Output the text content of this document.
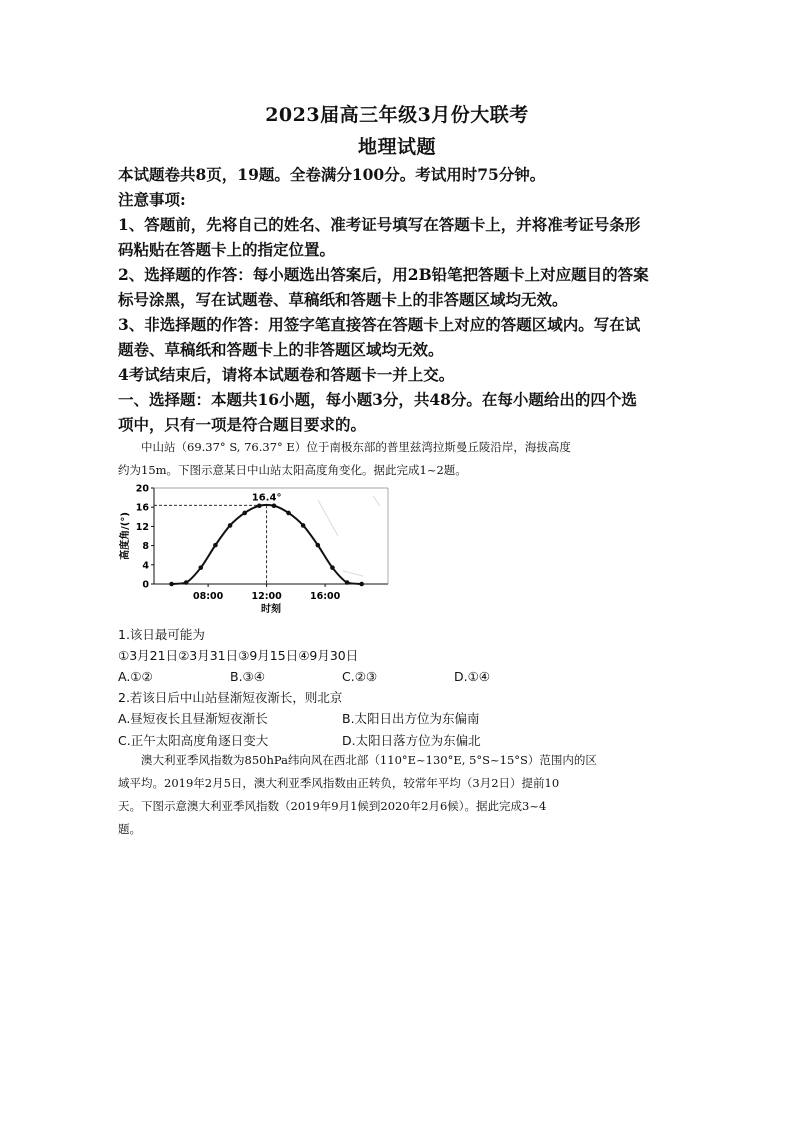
2023届高三年级3月份大联考
地理试题
本试题卷共8页，19题。全卷满分100分。考试用时75分钟。
注意事项:
1、答题前，先将自己的姓名、准考证号填写在答题卡上，并将准考证号条形
码粘贴在答题卡上的指定位置。
2、选择题的作答：每小题选出答案后，用2B铅笔把答题卡上对应题目的答案
标号涂黑，写在试题卷、草稿纸和答题卡上的非答题区域均无效。
3、非选择题的作答：用签字笔直接答在答题卡上对应的答题区域内。写在试
题卷、草稿纸和答题卡上的非答题区域均无效。
4考试结束后，请将本试题卷和答题卡一并上交。
一、选择题：本题共16小题，每小题3分，共48分。在每小题给出的四个选
项中，只有一项是符合题目要求的。
　　中山站（69.37° S, 76.37° E）位于南极东部的普里兹湾拉斯曼丘陵沿岸，海拔高度
约为15m。下图示意某日中山站太阳高度角变化。据此完成1~2题。
0
4
8
12
16
20
08:00	12:00	16:00
16.4°
高度角/(°)
时刻
1.该日最可能为
①3月21日②3月31日③9月15日④9月30日
A.①②	B.③④	C.②③	D.①④
2.若该日后中山站昼渐短夜渐长，则北京
A.昼短夜长且昼渐短夜渐长	B.太阳日出方位为东偏南
C.正午太阳高度角逐日变大	D.太阳日落方位为东偏北
　　澳大利亚季风指数为850hPa纬向风在西北部（110°E~130°E, 5°S~15°S）范围内的区
域平均。2019年2月5日，澳大利亚季风指数由正转负，较常年平均（3月2日）提前10
天。下图示意澳大利亚季风指数（2019年9月1候到2020年2月6候）。据此完成3~4
题。
